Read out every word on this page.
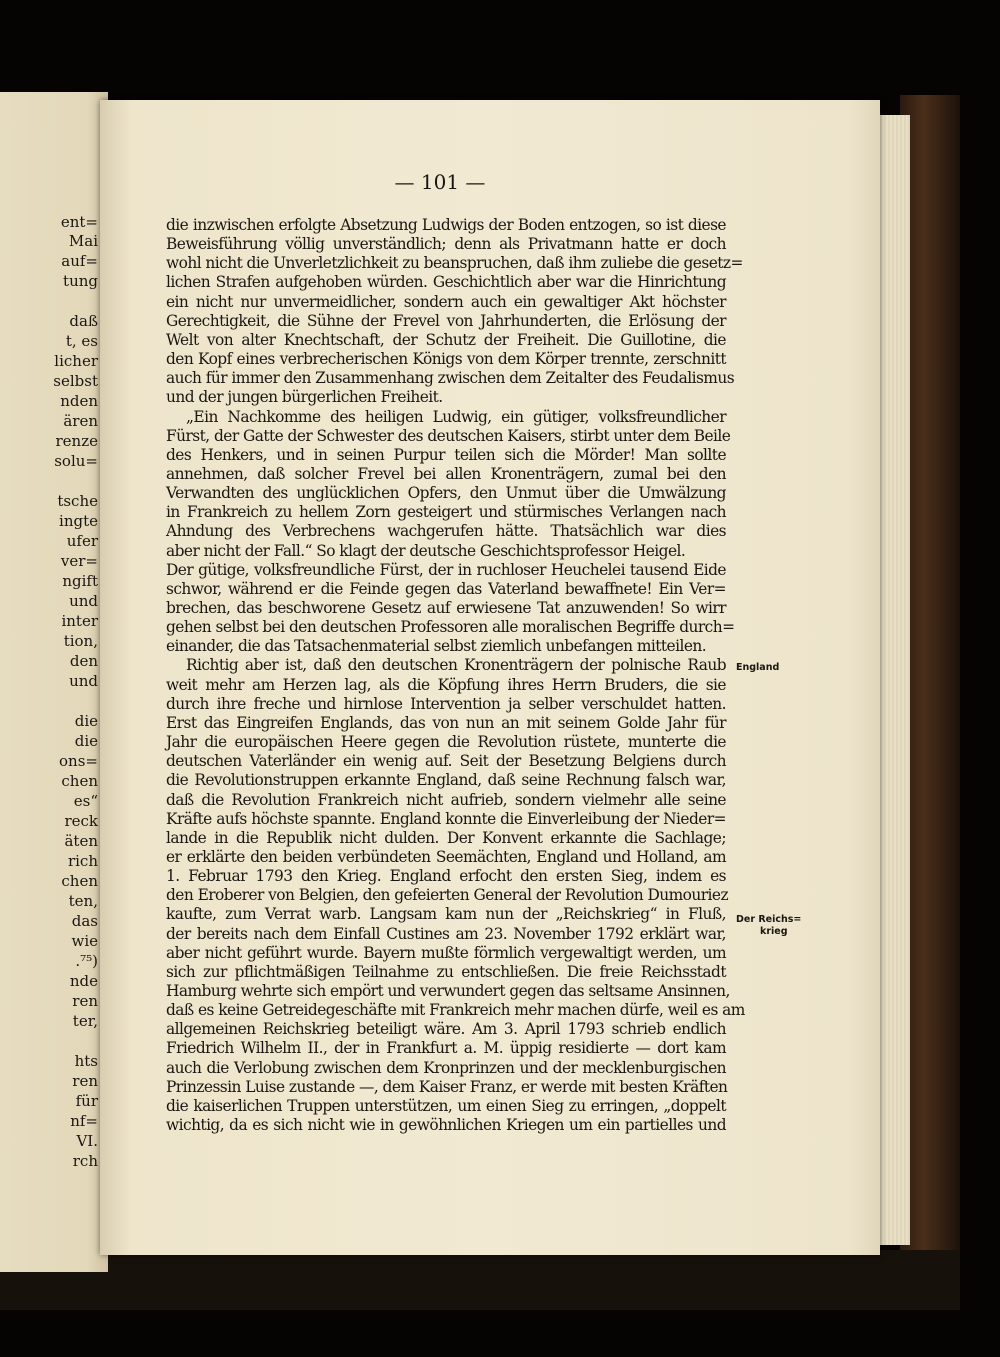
— 101 —
ent=
Mai
auf=
tung
daß
t, es
licher
selbst
nden
ären
renze
solu=
tsche
ingte
ufer
ver=
ngift
und
inter
tion,
den
und
die
die
ons=
chen
es“
reck
äten
rich
chen
ten,
das
wie
.⁷⁵)
nde
ren
ter,
hts
ren
für
nf=
VI.
rch
die inzwischen erfolgte Absetzung Ludwigs der Boden entzogen, so ist diese
Beweisführung völlig unverständlich; denn als Privatmann hatte er doch
wohl nicht die Unverletzlichkeit zu beanspruchen, daß ihm zuliebe die gesetz=
lichen Strafen aufgehoben würden. Geschichtlich aber war die Hinrichtung
ein nicht nur unvermeidlicher, sondern auch ein gewaltiger Akt höchster
Gerechtigkeit, die Sühne der Frevel von Jahrhunderten, die Erlösung der
Welt von alter Knechtschaft, der Schutz der Freiheit. Die Guillotine, die
den Kopf eines verbrecherischen Königs von dem Körper trennte, zerschnitt
auch für immer den Zusammenhang zwischen dem Zeitalter des Feudalismus
und der jungen bürgerlichen Freiheit.
„Ein Nachkomme des heiligen Ludwig, ein gütiger, volksfreundlicher
Fürst, der Gatte der Schwester des deutschen Kaisers, stirbt unter dem Beile
des Henkers, und in seinen Purpur teilen sich die Mörder! Man sollte
annehmen, daß solcher Frevel bei allen Kronenträgern, zumal bei den
Verwandten des unglücklichen Opfers, den Unmut über die Umwälzung
in Frankreich zu hellem Zorn gesteigert und stürmisches Verlangen nach
Ahndung des Verbrechens wachgerufen hätte. Thatsächlich war dies
aber nicht der Fall.“ So klagt der deutsche Geschichtsprofessor Heigel.
Der gütige, volksfreundliche Fürst, der in ruchloser Heuchelei tausend Eide
schwor, während er die Feinde gegen das Vaterland bewaffnete! Ein Ver=
brechen, das beschworene Gesetz auf erwiesene Tat anzuwenden! So wirr
gehen selbst bei den deutschen Professoren alle moralischen Begriffe durch=
einander, die das Tatsachenmaterial selbst ziemlich unbefangen mitteilen.
Richtig aber ist, daß den deutschen Kronenträgern der polnische Raub
weit mehr am Herzen lag, als die Köpfung ihres Herrn Bruders, die sie
durch ihre freche und hirnlose Intervention ja selber verschuldet hatten.
Erst das Eingreifen Englands, das von nun an mit seinem Golde Jahr für
Jahr die europäischen Heere gegen die Revolution rüstete, munterte die
deutschen Vaterländer ein wenig auf. Seit der Besetzung Belgiens durch
die Revolutionstruppen erkannte England, daß seine Rechnung falsch war,
daß die Revolution Frankreich nicht aufrieb, sondern vielmehr alle seine
Kräfte aufs höchste spannte. England konnte die Einverleibung der Nieder=
lande in die Republik nicht dulden. Der Konvent erkannte die Sachlage;
er erklärte den beiden verbündeten Seemächten, England und Holland, am
1. Februar 1793 den Krieg. England erfocht den ersten Sieg, indem es
den Eroberer von Belgien, den gefeierten General der Revolution Dumouriez
kaufte, zum Verrat warb. Langsam kam nun der „Reichskrieg“ in Fluß,
der bereits nach dem Einfall Custines am 23. November 1792 erklärt war,
aber nicht geführt wurde. Bayern mußte förmlich vergewaltigt werden, um
sich zur pflichtmäßigen Teilnahme zu entschließen. Die freie Reichsstadt
Hamburg wehrte sich empört und verwundert gegen das seltsame Ansinnen,
daß es keine Getreidegeschäfte mit Frankreich mehr machen dürfe, weil es am
allgemeinen Reichskrieg beteiligt wäre. Am 3. April 1793 schrieb endlich
Friedrich Wilhelm II., der in Frankfurt a. M. üppig residierte — dort kam
auch die Verlobung zwischen dem Kronprinzen und der mecklenburgischen
Prinzessin Luise zustande —, dem Kaiser Franz, er werde mit besten Kräften
die kaiserlichen Truppen unterstützen, um einen Sieg zu erringen, „doppelt
wichtig, da es sich nicht wie in gewöhnlichen Kriegen um ein partielles und
England
Der Reichs=
krieg
